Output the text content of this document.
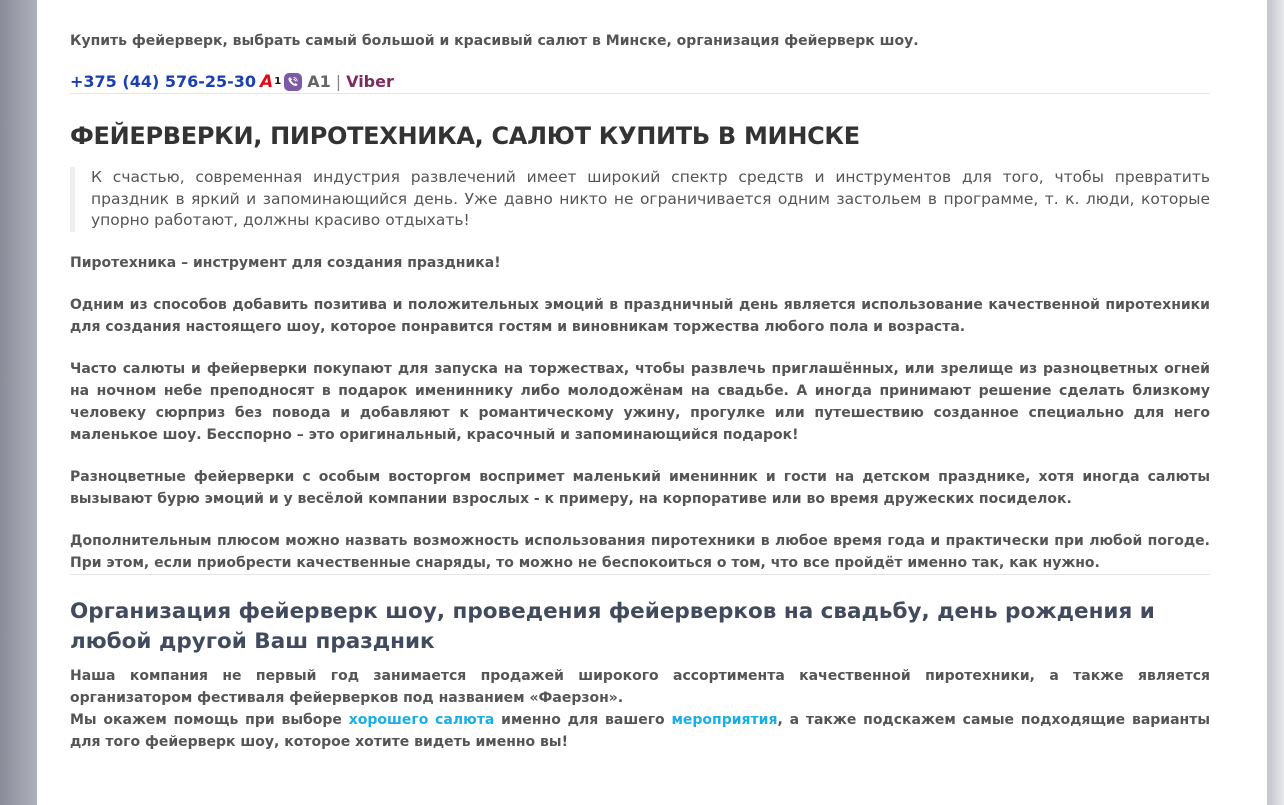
Купить фейерверк, выбрать самый большой и красивый салют в Минске, организация фейерверк шоу.

+375 (44) 576-25-30 A 1 A1 | Viber
ФЕЙЕРВЕРКИ, ПИРОТЕХНИКА, САЛЮТ КУПИТЬ В МИНСКЕ
К счастью, современная индустрия развлечений имеет широкий спектр средств и инструментов для того, чтобы превратить праздник в яркий и запоминающийся день. Уже давно никто не ограничивается одним застольем в программе, т. к. люди, которые упорно работают, должны красиво отдыхать!

Пиротехника – инструмент для создания праздника!

Одним из способов добавить позитива и положительных эмоций в праздничный день является использование качественной пиротехники для создания настоящего шоу, которое понравится гостям и виновникам торжества любого пола и возраста.

Часто салюты и фейерверки покупают для запуска на торжествах, чтобы развлечь приглашённых, или зрелище из разноцветных огней на ночном небе преподносят в подарок имениннику либо молодожёнам на свадьбе. А иногда принимают решение сделать близкому человеку сюрприз без повода и добавляют к романтическому ужину, прогулке или путешествию созданное специально для него маленькое шоу. Бесспорно – это оригинальный, красочный и запоминающийся подарок!

Разноцветные фейерверки с особым восторгом воспримет маленький именинник и гости на детском празднике, хотя иногда салюты вызывают бурю эмоций и у весёлой компании взрослых - к примеру, на корпоративе или во время дружеских посиделок.

Дополнительным плюсом можно назвать возможность использования пиротехники в любое время года и практически при любой погоде. При этом, если приобрести качественные снаряды, то можно не беспокоиться о том, что все пройдёт именно так, как нужно.

Организация фейерверк шоу, проведения фейерверков на свадьбу, день рождения и любой другой Ваш праздник

Наша компания не первый год занимается продажей широкого ассортимента качественной пиротехники, а также является организатором фестиваля фейерверков под названием «Фаерзон».
Мы окажем помощь при выборе хорошего салюта именно для вашего мероприятия, а также подскажем самые подходящие варианты для того фейерверк шоу, которое хотите видеть именно вы!
